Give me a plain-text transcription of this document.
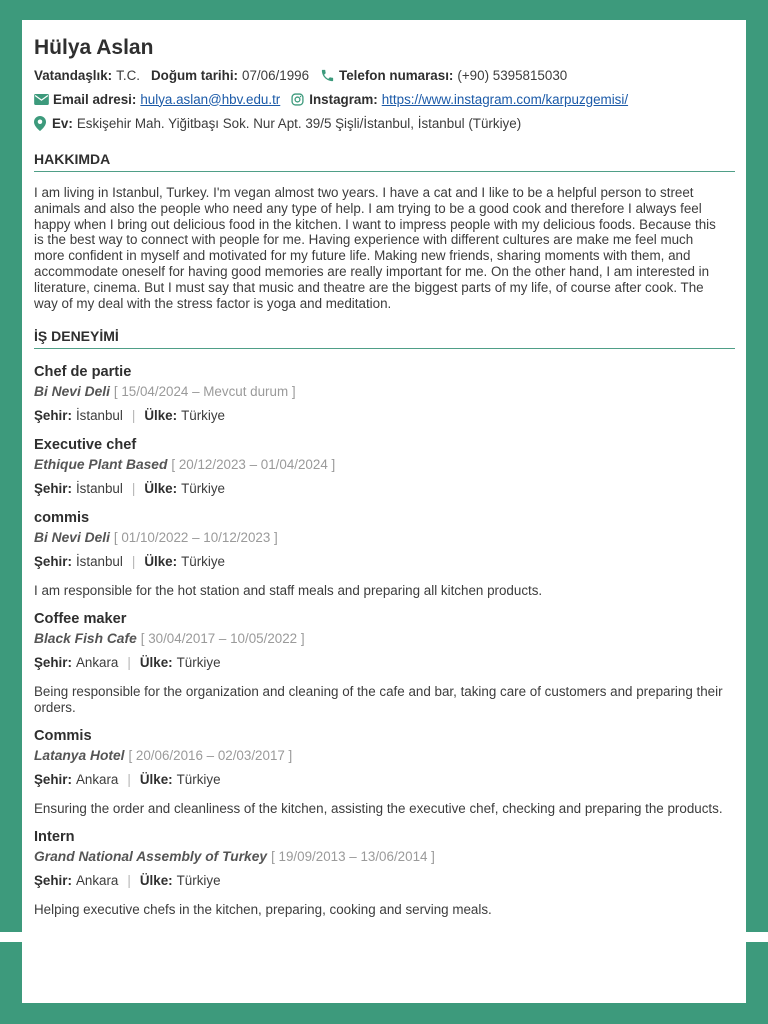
Hülya Aslan
Vatandaşlık: T.C. Doğum tarihi: 07/06/1996 Telefon numarası: (+90) 5395815030
Email adresi: hulya.aslan@hbv.edu.tr Instagram: https://www.instagram.com/karpuzgemisi/
Ev: Eskişehir Mah. Yiğitbaşı Sok. Nur Apt. 39/5 Şişli/İstanbul, İstanbul (Türkiye)
HAKKIMDA
I am living in Istanbul, Turkey. I'm vegan almost two years. I have a cat and I like to be a helpful person to street
animals and also the people who need any type of help. I am trying to be a good cook and therefore I always feel
happy when I bring out delicious food in the kitchen. I want to impress people with my delicious foods. Because this
is the best way to connect with people for me. Having experience with different cultures are make me feel much
more confident in myself and motivated for my future life. Making new friends, sharing moments with them, and
accommodate oneself for having good memories are really important for me. On the other hand, I am interested in
literature, cinema. But I must say that music and theatre are the biggest parts of my life, of course after cook. The
way of my deal with the stress factor is yoga and meditation.
İŞ DENEYİMİ
Chef de partie
Bi Nevi Deli [ 15/04/2024 – Mevcut durum ]
Şehir: İstanbul | Ülke: Türkiye
Executive chef
Ethique Plant Based [ 20/12/2023 – 01/04/2024 ]
Şehir: İstanbul | Ülke: Türkiye
commis
Bi Nevi Deli [ 01/10/2022 – 10/12/2023 ]
Şehir: İstanbul | Ülke: Türkiye
I am responsible for the hot station and staff meals and preparing all kitchen products.
Coffee maker
Black Fish Cafe [ 30/04/2017 – 10/05/2022 ]
Şehir: Ankara | Ülke: Türkiye
Being responsible for the organization and cleaning of the cafe and bar, taking care of customers and preparing their orders.
Commis
Latanya Hotel [ 20/06/2016 – 02/03/2017 ]
Şehir: Ankara | Ülke: Türkiye
Ensuring the order and cleanliness of the kitchen, assisting the executive chef, checking and preparing the products.
Intern
Grand National Assembly of Turkey [ 19/09/2013 – 13/06/2014 ]
Şehir: Ankara | Ülke: Türkiye
Helping executive chefs in the kitchen, preparing, cooking and serving meals.
